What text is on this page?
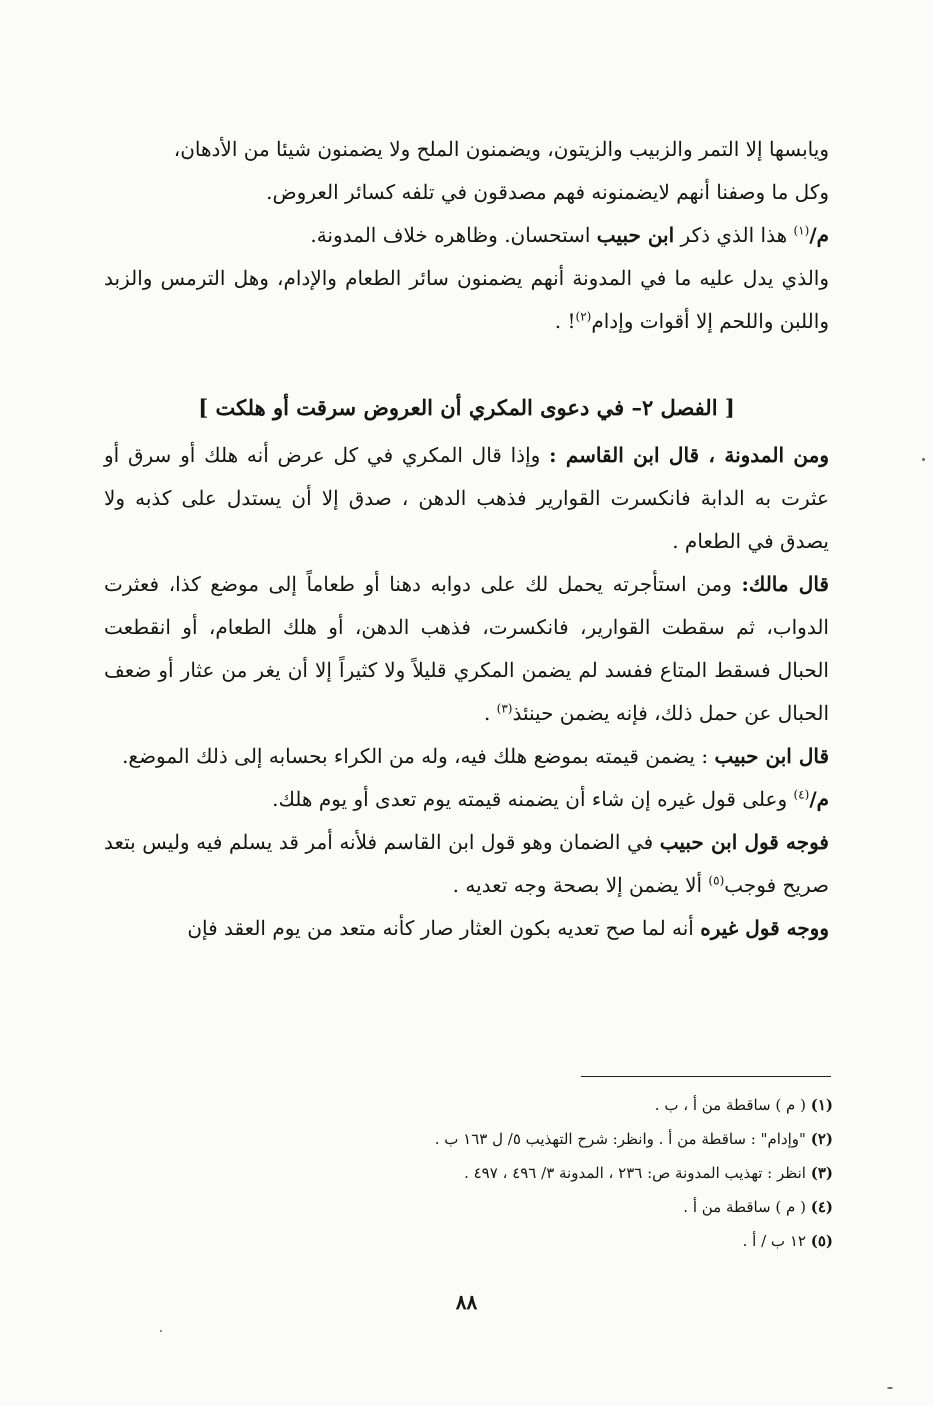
ويابسها إلا التمر والزبيب والزيتون، ويضمنون الملح ولا يضمنون شيئا من الأدهان،
وكل ما وصفنا أنهم لايضمنونه فهم مصدقون في تلفه كسائر العروض.

م/$^{(١)}$ هذا الذي ذكر ابن حبيب استحسان. وظاهره خلاف المدونة.

والذي يدل عليه ما في المدونة أنهم يضمنون سائر الطعام والإدام، وهل الترمس والزبد واللبن واللحم إلا أقوات وإدام$^{(٢)}$! .

[ الفصل ٢– في دعوى المكري أن العروض سرقت أو هلكت ]

ومن المدونة ، قال ابن القاسم : وإذا قال المكري في كل عرض أنه هلك أو سرق أو عثرت به الدابة فانكسرت القوارير فذهب الدهن ، صدق إلا أن يستدل على كذبه ولا يصدق في الطعام .

قال مالك: ومن استأجرته يحمل لك على دوابه دهنا أو طعاماً إلى موضع كذا، فعثرت الدواب، ثم سقطت القوارير، فانكسرت، فذهب الدهن، أو هلك الطعام، أو انقطعت الحبال فسقط المتاع ففسد لم يضمن المكري قليلاً ولا كثيراً إلا أن يغر من عثار أو ضعف الحبال عن حمل ذلك، فإنه يضمن حينئذ$^{(٣)}$ .

قال ابن حبيب : يضمن قيمته بموضع هلك فيه، وله من الكراء بحسابه إلى ذلك الموضع.

م/$^{(٤)}$ وعلى قول غيره إن شاء أن يضمنه قيمته يوم تعدى أو يوم هلك.

فوجه قول ابن حبيب في الضمان وهو قول ابن القاسم فلأنه أمر قد يسلم فيه وليس بتعد صريح فوجب$^{(٥)}$ ألا يضمن إلا بصحة وجه تعديه .

ووجه قول غيره أنه لما صح تعديه بكون العثار صار كأنه متعد من يوم العقد فإن

(١) ( م ) ساقطة من أ ، ب .
(٢) "وإدام" : ساقطة من أ . وانظر: شرح التهذيب ٥/ ل ١٦٣ ب .
(٣) انظر : تهذيب المدونة ص: ٢٣٦ ، المدونة ٣/ ٤٩٦ ، ٤٩٧ .
(٤) ( م ) ساقطة من أ .
(٥) ١٢ ب / أ .
٨٨
